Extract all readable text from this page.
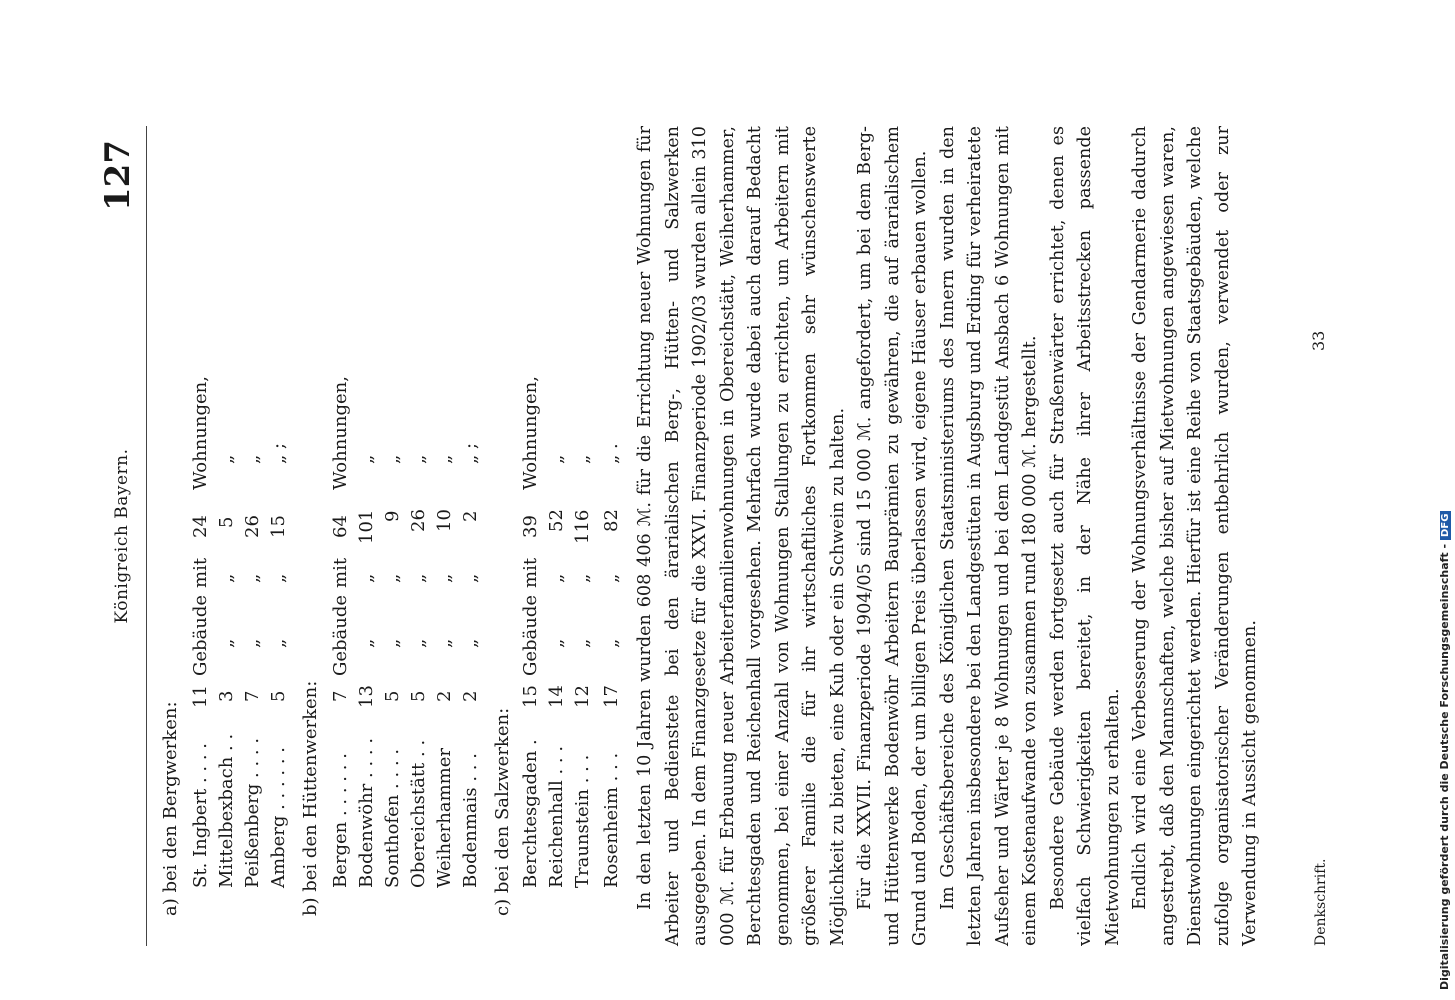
Königreich Bayern.
127
a) bei den Bergwerken: St. Ingbert . . . .
11
Gebäude
mit
24
Wohnungen,
Mittelbexbach . .
3
„
„
5
„
Peißenberg . . . .
7
„
„
26
„
Amberg . . . . . .
5
„
„
15
„ ;
b) bei den Hüttenwerken: Bergen . . . . . .
7
Gebäude
mit
64
Wohnungen,
Bodenwöhr . . . .
13
„
„
101
„
Sonthofen . . . .
5
„
„
9
„
Obereichstätt . .
5
„
„
26
„
Weiherhammer
2
„
„
10
„
Bodenmais . . .
2
„
„
2
„ ;
c) bei den Salzwerken: Berchtesgaden .
15
Gebäude
mit
39
Wohnungen,
Reichenhall . . .
14
„
„
52
„
Traunstein . . .
12
„
„
116
„
Rosenheim . . .
17
„
„
82
„ . In den letzten 10 Jahren wurden 608 406 ℳ. für die Errichtung neuer Wohnungen für Arbeiter und Bedienstete bei den ärarialischen Berg-, Hütten- und Salzwerken ausgegeben. In dem Finanzgesetze für die XXVI. Finanzperiode 1902/03 wurden allein 310 000 ℳ. für Erbauung neuer Arbeiterfamilienwohnungen in Obereichstätt, Weiherhammer, Berchtesgaden und Reichenhall vorgesehen. Mehrfach wurde dabei auch darauf Bedacht genommen, bei einer Anzahl von Wohnungen Stallungen zu errichten, um Arbeitern mit größerer Familie die für ihr wirtschaftliches Fortkommen sehr wünschenswerte Möglichkeit zu bieten, eine Kuh oder ein Schwein zu halten. Für die XXVII. Finanzperiode 1904/05 sind 15 000 ℳ. angefordert, um bei dem Berg- und Hüttenwerke Bodenwöhr Arbeitern Bauprämien zu gewähren, die auf ärarialischem Grund und Boden, der um billigen Preis überlassen wird, eigene Häuser erbauen wollen. Im Geschäftsbereiche des Königlichen Staatsministeriums des Innern wurden in den letzten Jahren insbesondere bei den Landgestüten in Augsburg und Erding für verheiratete Aufseher und Wärter je 8 Wohnungen und bei dem Landgestüt Ansbach 6 Wohnungen mit einem Kostenaufwande von zusammen rund 180 000 ℳ. hergestellt. Besondere Gebäude werden fortgesetzt auch für Straßenwärter errichtet, denen es vielfach Schwierigkeiten bereitet, in der Nähe ihrer Arbeitsstrecken passende Mietwohnungen zu erhalten. Endlich wird eine Verbesserung der Wohnungsverhältnisse der Gendarmerie dadurch angestrebt, daß den Mannschaften, welche bisher auf Mietwohnungen angewiesen waren, Dienstwohnungen eingerichtet werden. Hierfür ist eine Reihe von Staatsgebäuden, welche zufolge organisatorischer Veränderungen entbehrlich wurden, verwendet oder zur Verwendung in Aussicht genommen.	Denkschrift.
33
Digitalisierung gefördert durch die Deutsche Forschungsgemeinschaft -DFG
